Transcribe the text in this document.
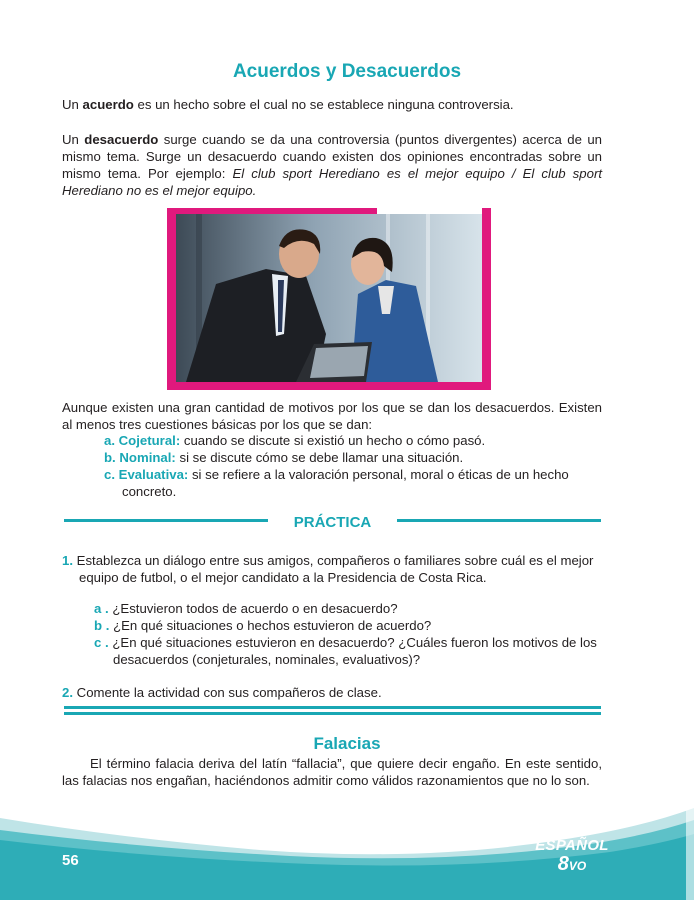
Acuerdos y Desacuerdos
Un acuerdo es un hecho sobre el cual no se establece ninguna controversia.
Un desacuerdo surge cuando se da una controversia (puntos divergentes) acerca de un mismo tema. Surge un desacuerdo cuando existen dos opiniones encontradas sobre un mismo tema. Por ejemplo: El club sport Herediano es el mejor equipo / El club sport Herediano no es el mejor equipo.
Aunque existen una gran cantidad de motivos por los que se dan los desacuerdos. Existen al menos tres cuestiones básicas por los que se dan:
a. Cojetural: cuando se discute si existió un hecho o cómo pasó.
b. Nominal: si se discute cómo se debe llamar una situación.
c. Evaluativa: si se refiere a la valoración personal, moral o éticas de un hecho concreto.
PRÁCTICA
1. Establezca un diálogo entre sus amigos, compañeros o familiares sobre cuál es el mejor equipo de futbol, o el mejor candidato a la Presidencia de Costa Rica.
a . ¿Estuvieron todos de acuerdo o en desacuerdo?
b . ¿En qué situaciones o hechos estuvieron de acuerdo?
c . ¿En qué situaciones estuvieron en desacuerdo? ¿Cuáles fueron los motivos de los desacuerdos (conjeturales, nominales, evaluativos)?
2. Comente la actividad con sus compañeros de clase.
Falacias
El término falacia deriva del latín “fallacia”, que quiere decir engaño. En este sentido, las falacias nos engañan, haciéndonos admitir como válidos razonamientos que no lo son.
56
ESPAÑOL
8VO
